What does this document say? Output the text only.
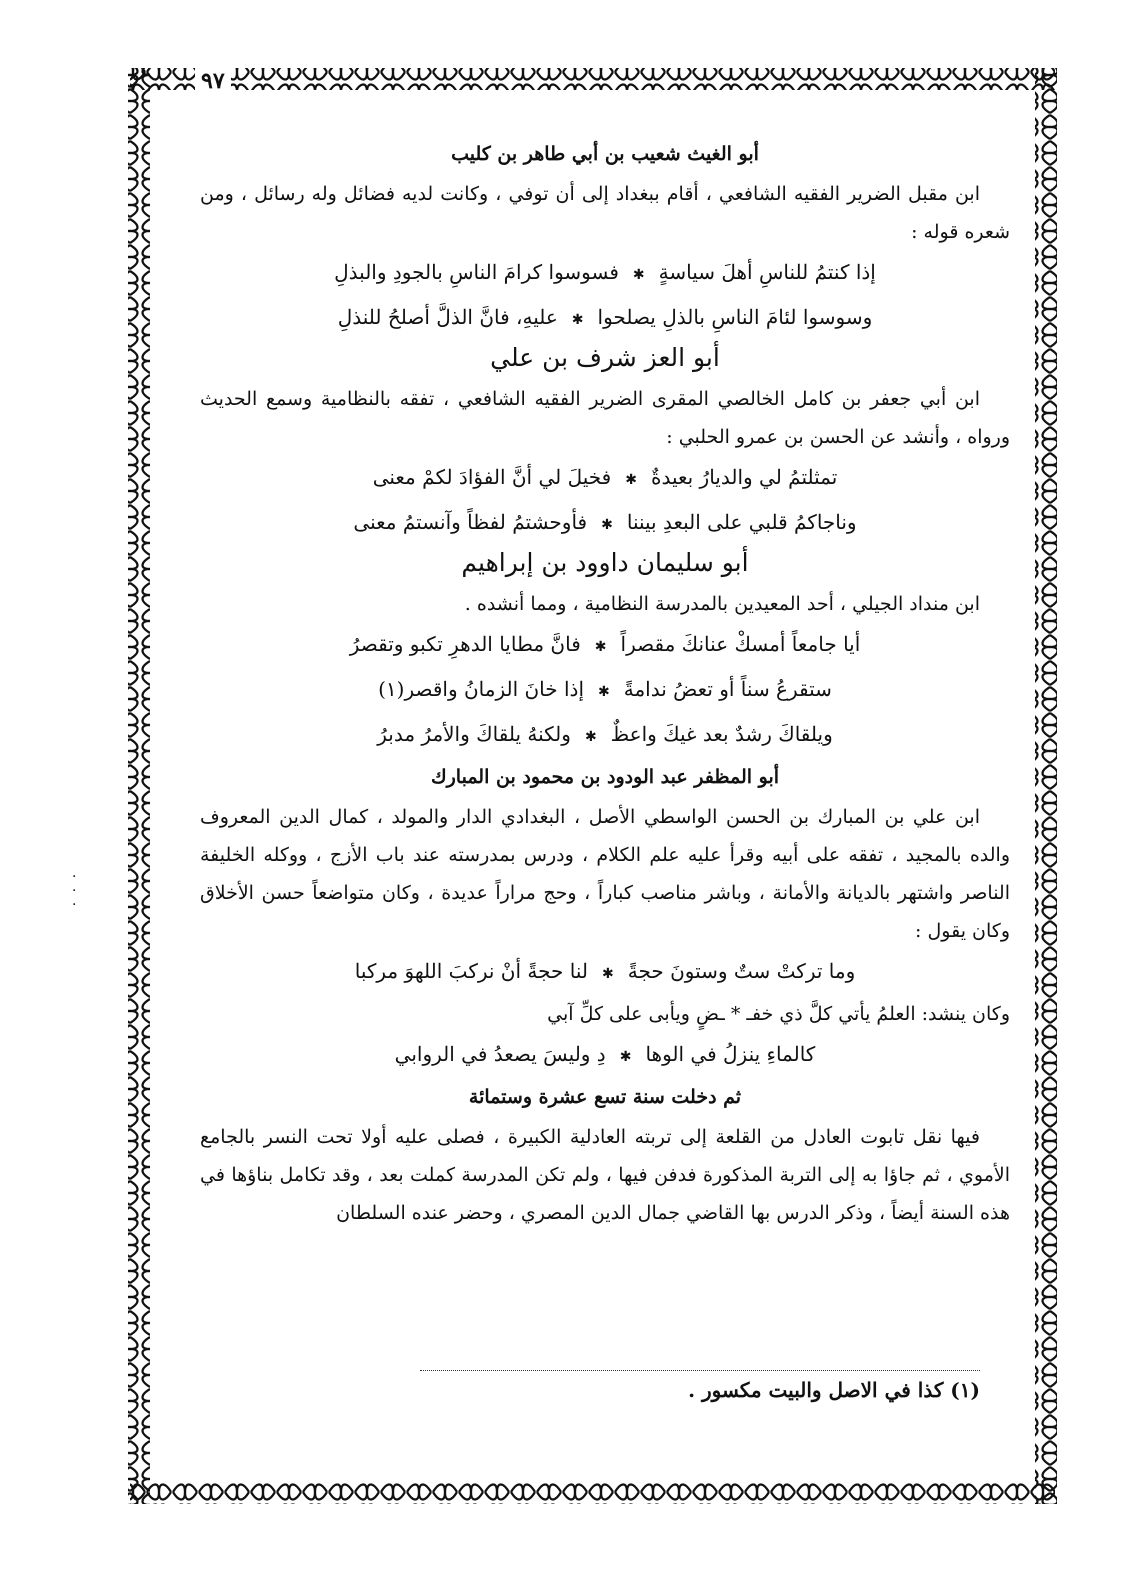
٩٧
·
·
·
أبو الغيث شعيب بن أبي طاهر بن كليب

ابن مقبل الضرير الفقيه الشافعي ، أقام ببغداد إلى أن توفي ، وكانت لديه فضائل وله رسائل ، ومن شعره قوله :

إذا كنتمُ للناسِ أهلَ سياسةٍ
✱
فسوسوا كرامَ الناسِ بالجودِ والبذلِ
وسوسوا لئامَ الناسِ بالذلِ يصلحوا
✱
عليهِ، فانَّ الذلَّ أصلحُ للنذلِ
أبو العز شرف بن علي

ابن أبي جعفر بن كامل الخالصي المقرى الضرير الفقيه الشافعي ، تفقه بالنظامية وسمع الحديث ورواه ، وأنشد عن الحسن بن عمرو الحلبي :

تمثلتمُ لي والديارُ بعيدةٌ
✱
فخيلَ لي أنَّ الفؤادَ لكمْ معنى
وناجاكمُ قلبي على البعدِ بيننا
✱
فأوحشتمُ لفظاً وآنستمُ معنى
أبو سليمان داوود بن إبراهيم

ابن منداد الجيلي ، أحد المعيدين بالمدرسة النظامية ، ومما أنشده .

أيا جامعاً أمسكْ عنانكَ مقصراً
✱
فانَّ مطايا الدهرِ تكبو وتقصرُ
ستقرعُ سناً أو تعضُ ندامةً
✱
إذا خانَ الزمانُ واقصر(١)
ويلقاكَ رشدٌ بعد غيكَ واعظٌ
✱
ولكنهُ يلقاكَ والأمرُ مدبرُ
أبو المظفر عبد الودود بن محمود بن المبارك

ابن علي بن المبارك بن الحسن الواسطي الأصل ، البغدادي الدار والمولد ، كمال الدين المعروف والده بالمجيد ، تفقه على أبيه وقرأ عليه علم الكلام ، ودرس بمدرسته عند باب الأزج ، ووكله الخليفة الناصر واشتهر بالديانة والأمانة ، وباشر مناصب كباراً ، وحج مراراً عديدة ، وكان متواضعاً حسن الأخلاق وكان يقول :

وما تركتْ ستٌ وستونَ حجةً
✱
لنا حجةً أنْ نركبَ اللهوَ مركبا

وكان ينشد: العلمُ يأتي كلَّ ذي خفـ * ـضٍ ويأبى على كلِّ آبي

كالماءِ ينزلُ في الوها
✱
دِ وليسَ يصعدُ في الروابي
ثم دخلت سنة تسع عشرة وستمائة

فيها نقل تابوت العادل من القلعة إلى تربته العادلية الكبيرة ، فصلى عليه أولا تحت النسر بالجامع الأموي ، ثم جاؤا به إلى التربة المذكورة فدفن فيها ، ولم تكن المدرسة كملت بعد ، وقد تكامل بناؤها في هذه السنة أيضاً ، وذكر الدرس بها القاضي جمال الدين المصري ، وحضر عنده السلطان

(١) كذا في الاصل والبيت مكسور .
